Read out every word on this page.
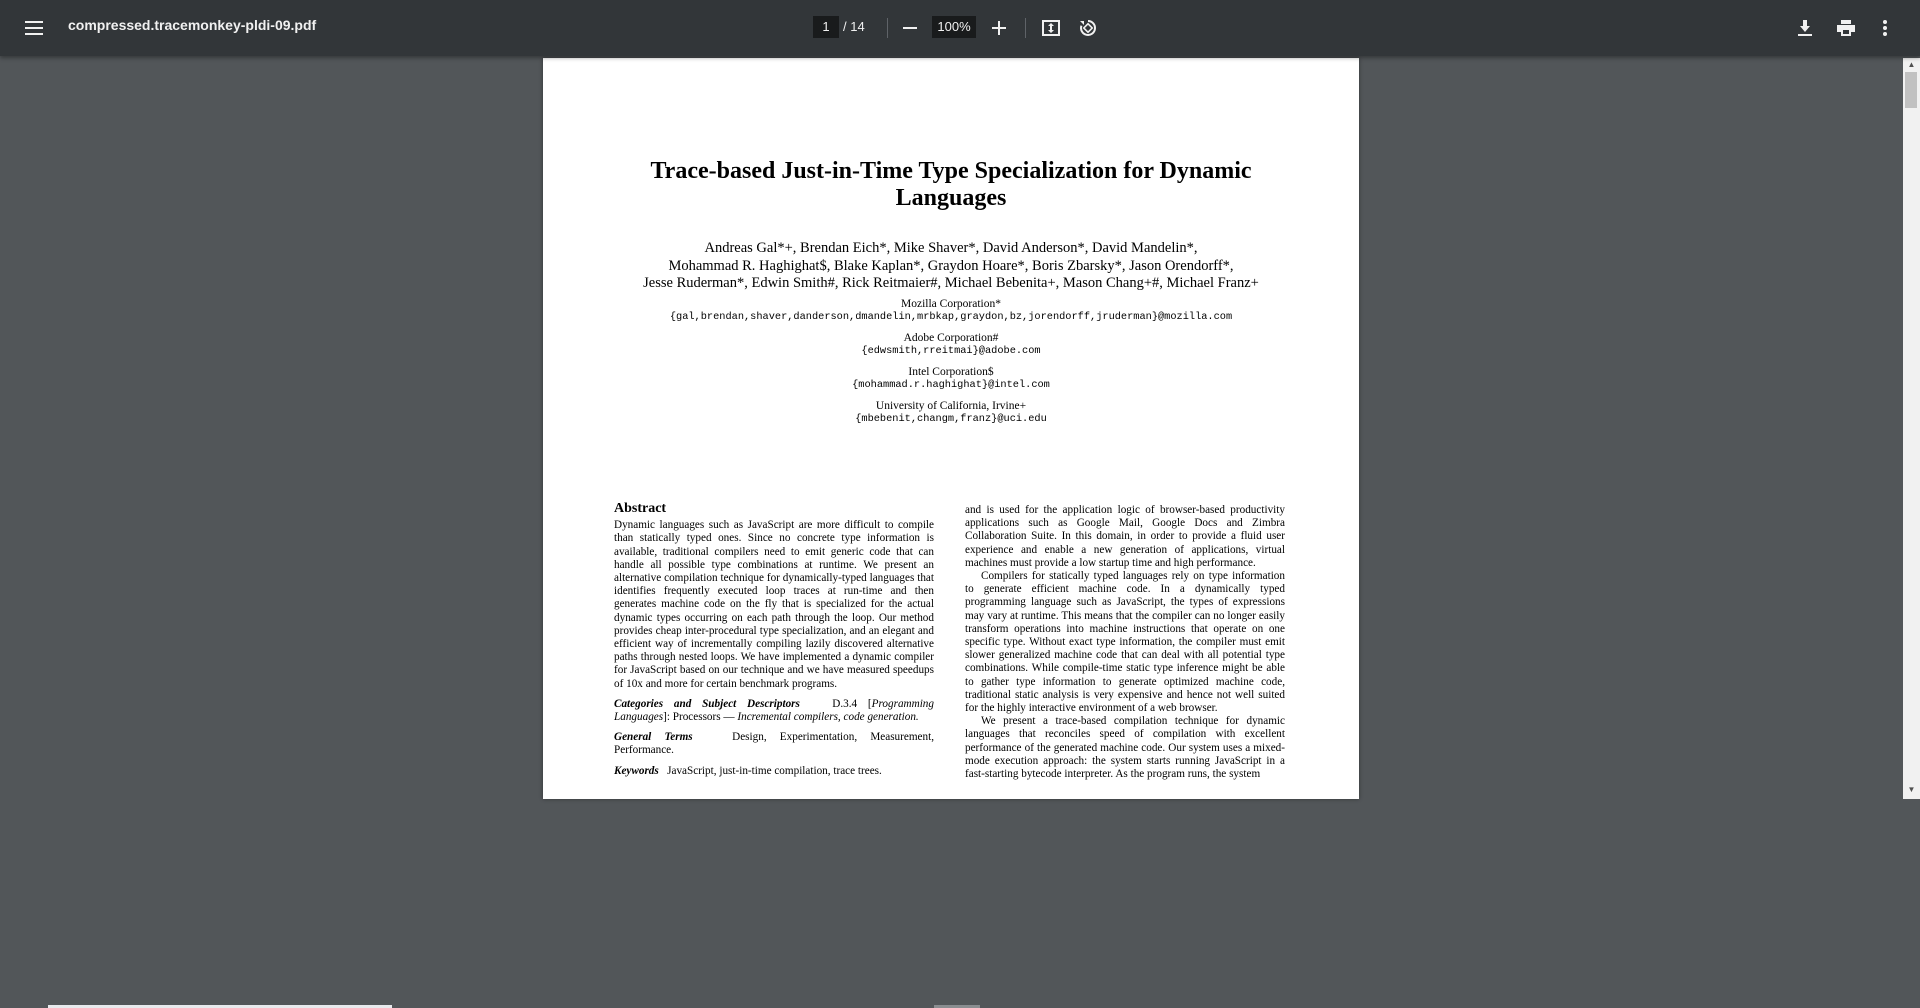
compressed.tracemonkey-pldi-09.pdf	1	/ 14	100%
Trace-based Just-in-Time Type Specialization for Dynamic
Languages
Andreas Gal*+, Brendan Eich*, Mike Shaver*, David Anderson*, David Mandelin*,
Mohammad R. Haghighat$, Blake Kaplan*, Graydon Hoare*, Boris Zbarsky*, Jason Orendorff*,
Jesse Ruderman*, Edwin Smith#, Rick Reitmaier#, Michael Bebenita+, Mason Chang+#, Michael Franz+
Mozilla Corporation*
{gal,brendan,shaver,danderson,dmandelin,mrbkap,graydon,bz,jorendorff,jruderman}@mozilla.com
Adobe Corporation#
{edwsmith,rreitmai}@adobe.com
Intel Corporation$
{mohammad.r.haghighat}@intel.com
University of California, Irvine+
{mbebenit,changm,franz}@uci.edu
Abstract

Dynamic languages such as JavaScript are more difficult to compile than statically typed ones. Since no concrete type information is available, traditional compilers need to emit generic code that can handle all possible type combinations at runtime. We present an alternative compilation technique for dynamically-typed languages that identifies frequently executed loop traces at run-time and then generates machine code on the fly that is specialized for the actual dynamic types occurring on each path through the loop. Our method provides cheap inter-procedural type specialization, and an elegant and efficient way of incrementally compiling lazily discovered alternative paths through nested loops. We have implemented a dynamic compiler for JavaScript based on our technique and we have measured speedups of 10x and more for certain benchmark programs.

Categories and Subject Descriptors	D.3.4 [Programming Languages]: Processors — Incremental compilers, code generation.
General Terms	Design, Experimentation, Measurement, Performance.
Keywords JavaScript, just-in-time compilation, trace trees.

and is used for the application logic of browser-based productivity applications such as Google Mail, Google Docs and Zimbra Collaboration Suite. In this domain, in order to provide a fluid user experience and enable a new generation of applications, virtual machines must provide a low startup time and high performance.

Compilers for statically typed languages rely on type information to generate efficient machine code. In a dynamically typed programming language such as JavaScript, the types of expressions may vary at runtime. This means that the compiler can no longer easily transform operations into machine instructions that operate on one specific type. Without exact type information, the compiler must emit slower generalized machine code that can deal with all potential type combinations. While compile-time static type inference might be able to gather type information to generate optimized machine code, traditional static analysis is very expensive and hence not well suited for the highly interactive environment of a web browser.

We present a trace-based compilation technique for dynamic languages that reconciles speed of compilation with excellent performance of the generated machine code. Our system uses a mixed-mode execution approach: the system starts running JavaScript in a fast-starting bytecode interpreter. As the program runs, the system

▲
▼
